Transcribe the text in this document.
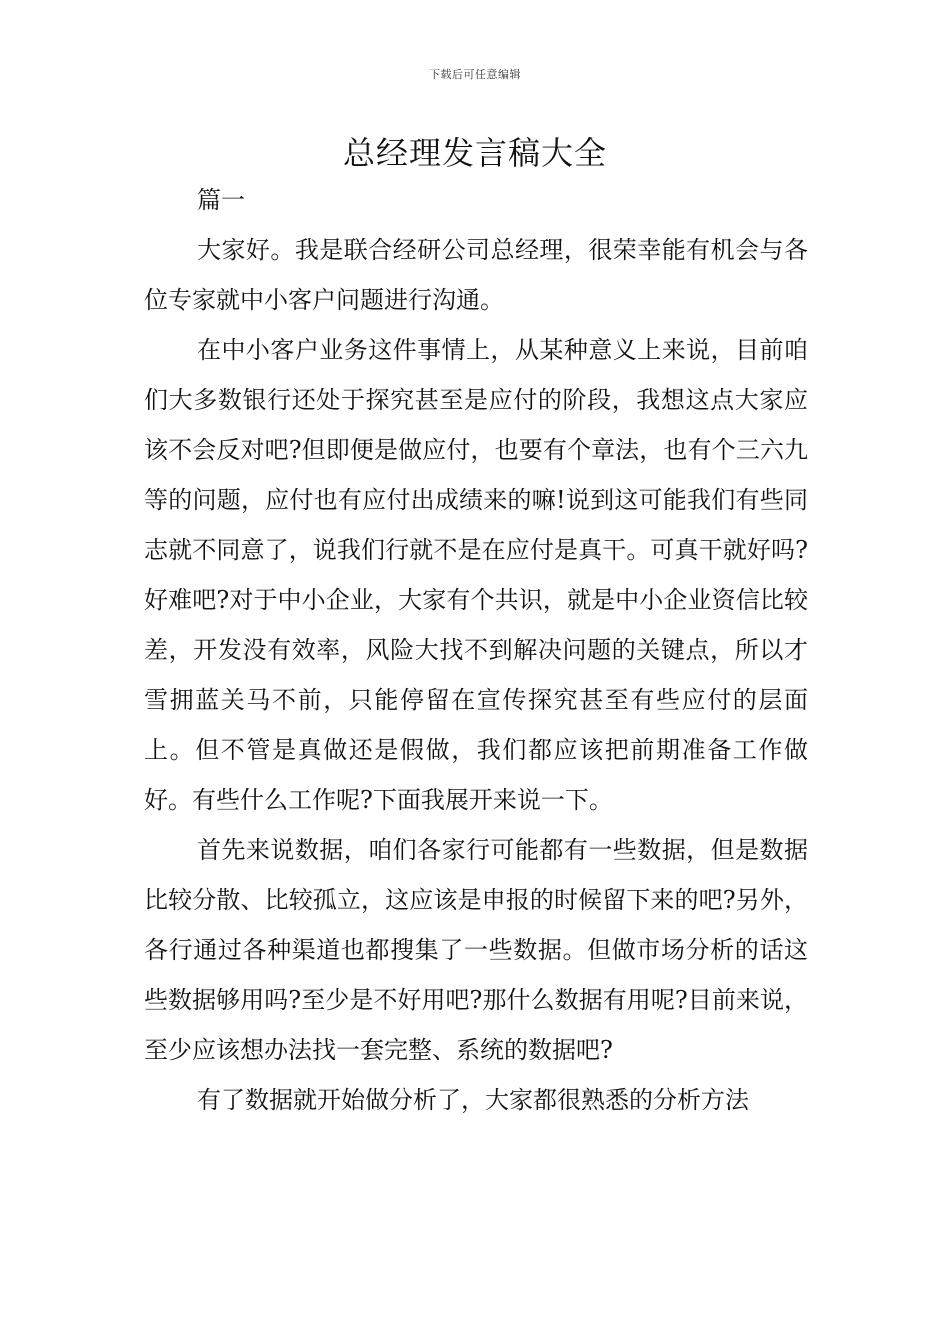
下载后可任意编辑
总经理发言稿大全
篇一

大家好。我是联合经研公司总经理，很荣幸能有机会与各位专家就中小客户问题进行沟通。

在中小客户业务这件事情上，从某种意义上来说，目前咱们大多数银行还处于探究甚至是应付的阶段，我想这点大家应该不会反对吧?但即便是做应付，也要有个章法，也有个三六九等的问题，应付也有应付出成绩来的嘛!说到这可能我们有些同志就不同意了，说我们行就不是在应付是真干。可真干就好吗?好难吧?对于中小企业，大家有个共识，就是中小企业资信比较差，开发没有效率，风险大找不到解决问题的关键点，所以才雪拥蓝关马不前，只能停留在宣传探究甚至有些应付的层面上。但不管是真做还是假做，我们都应该把前期准备工作做好。有些什么工作呢?下面我展开来说一下。

首先来说数据，咱们各家行可能都有一些数据，但是数据比较分散、比较孤立，这应该是申报的时候留下来的吧?另外，各行通过各种渠道也都搜集了一些数据。但做市场分析的话这些数据够用吗?至少是不好用吧?那什么数据有用呢?目前来说，至少应该想办法找一套完整、系统的数据吧?

有了数据就开始做分析了，大家都很熟悉的分析方法
